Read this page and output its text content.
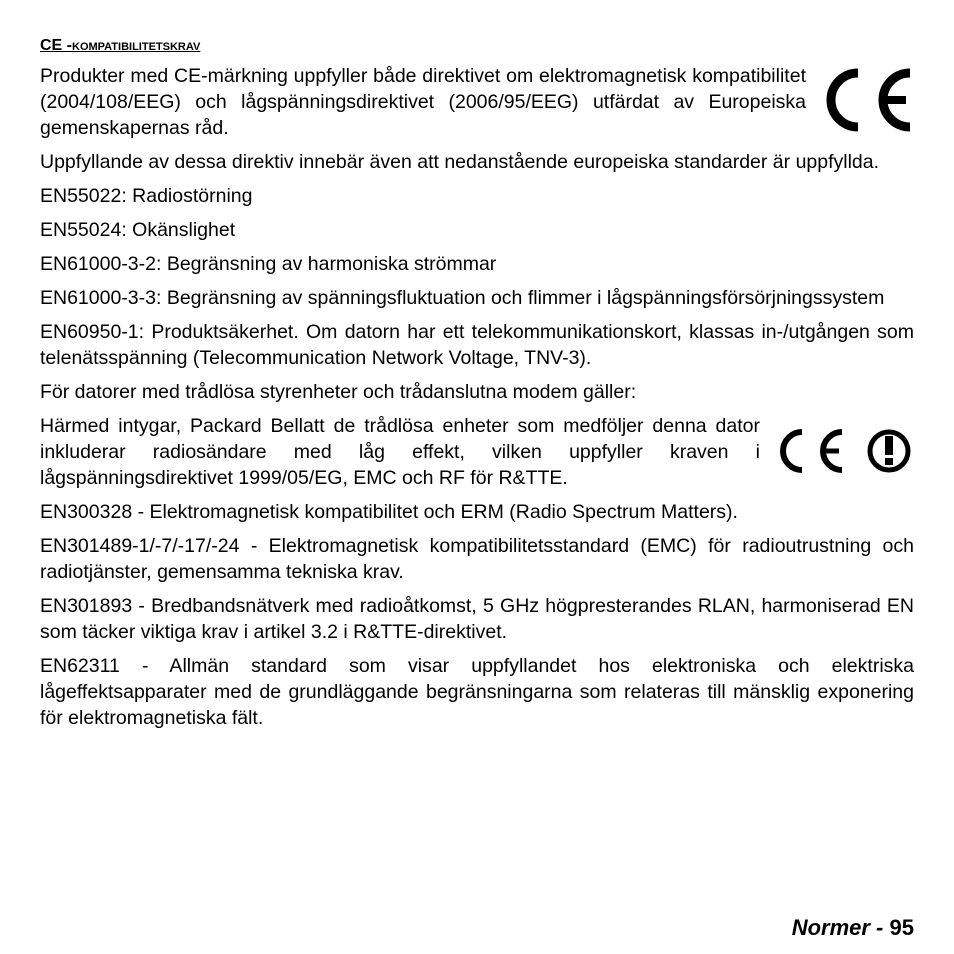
CE -kompatibilitetskrav

Produkter med CE-märkning uppfyller både direktivet om elektromagnetisk kompatibilitet (2004/108/EEG) och lågspänningsdirektivet (2006/95/EEG) utfärdat av Europeiska gemenskapernas råd.

Uppfyllande av dessa direktiv innebär även att nedanstående europeiska standarder är uppfyllda.

EN55022: Radiostörning

EN55024: Okänslighet

EN61000-3-2: Begränsning av harmoniska strömmar

EN61000-3-3: Begränsning av spänningsfluktuation och flimmer i lågspänningsförsörjningssystem

EN60950-1: Produktsäkerhet. Om datorn har ett telekommunikationskort, klassas in-/utgången som telenätsspänning (Telecommunication Network Voltage, TNV-3).

För datorer med trådlösa styrenheter och trådanslutna modem gäller:

Härmed intygar, Packard Bellatt de trådlösa enheter som medföljer denna dator inkluderar radiosändare med låg effekt, vilken uppfyller kraven i lågspänningsdirektivet 1999/05/EG, EMC och RF för R&TTE.

EN300328 - Elektromagnetisk kompatibilitet och ERM (Radio Spectrum Matters).

EN301489-1/-7/-17/-24 - Elektromagnetisk kompatibilitetsstandard (EMC) för radioutrustning och radiotjänster, gemensamma tekniska krav.

EN301893 - Bredbandsnätverk med radioåtkomst, 5 GHz högpresterandes RLAN, harmoniserad EN som täcker viktiga krav i artikel 3.2 i R&TTE-direktivet.

EN62311 - Allmän standard som visar uppfyllandet hos elektroniska och elektriska lågeffektsapparater med de grundläggande begränsningarna som relateras till mänsklig exponering för elektromagnetiska fält.

Normer - 95
